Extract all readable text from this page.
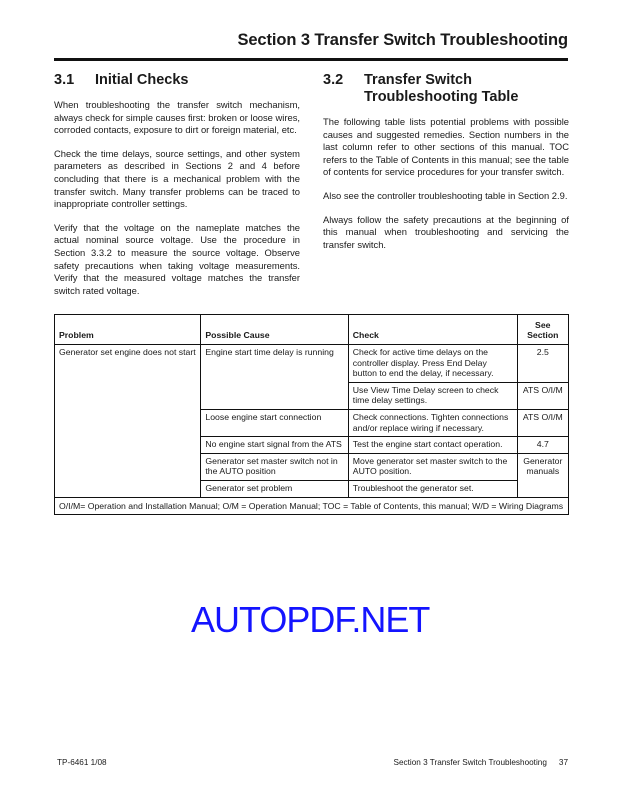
Section 3 Transfer Switch Troubleshooting
3.1	Initial Checks

When troubleshooting the transfer switch mechanism, always check for simple causes first: broken or loose wires, corroded contacts, exposure to dirt or foreign material, etc.

Check the time delays, source settings, and other system parameters as described in Sections 2 and 4 before concluding that there is a mechanical problem with the transfer switch. Many transfer problems can be traced to inappropriate controller settings.

Verify that the voltage on the nameplate matches the actual nominal source voltage. Use the procedure in Section 3.3.2 to measure the source voltage. Observe safety precautions when taking voltage measurements. Verify that the measured voltage matches the transfer switch rated voltage.

3.2	Transfer Switch Troubleshooting Table

The following table lists potential problems with possible causes and suggested remedies. Section numbers in the last column refer to other sections of this manual. TOC refers to the Table of Contents in this manual; see the table of contents for service procedures for your transfer switch.

Also see the controller troubleshooting table in Section 2.9.

Always follow the safety precautions at the beginning of this manual when troubleshooting and servicing the transfer switch.

Problem	Possible Cause	Check	See Section
Generator set engine does not start	Engine start time delay is running	Check for active time delays on the controller display. Press End Delay button to end the delay, if necessary.	2.5
		Use View Time Delay screen to check time delay settings.	ATS O/I/M
	Loose engine start connection	Check connections. Tighten connections and/or replace wiring if necessary.	ATS O/I/M
	No engine start signal from the ATS	Test the engine start contact operation.	4.7
	Generator set master switch not in the AUTO position	Move generator set master switch to the AUTO position.	Generator manuals
	Generator set problem	Troubleshoot the generator set.	
O/I/M= Operation and Installation Manual; O/M = Operation Manual; TOC = Table of Contents, this manual; W/D = Wiring Diagrams			
AUTOPDF.NET
TP-6461 1/08	Section 3 Transfer Switch Troubleshooting 37
